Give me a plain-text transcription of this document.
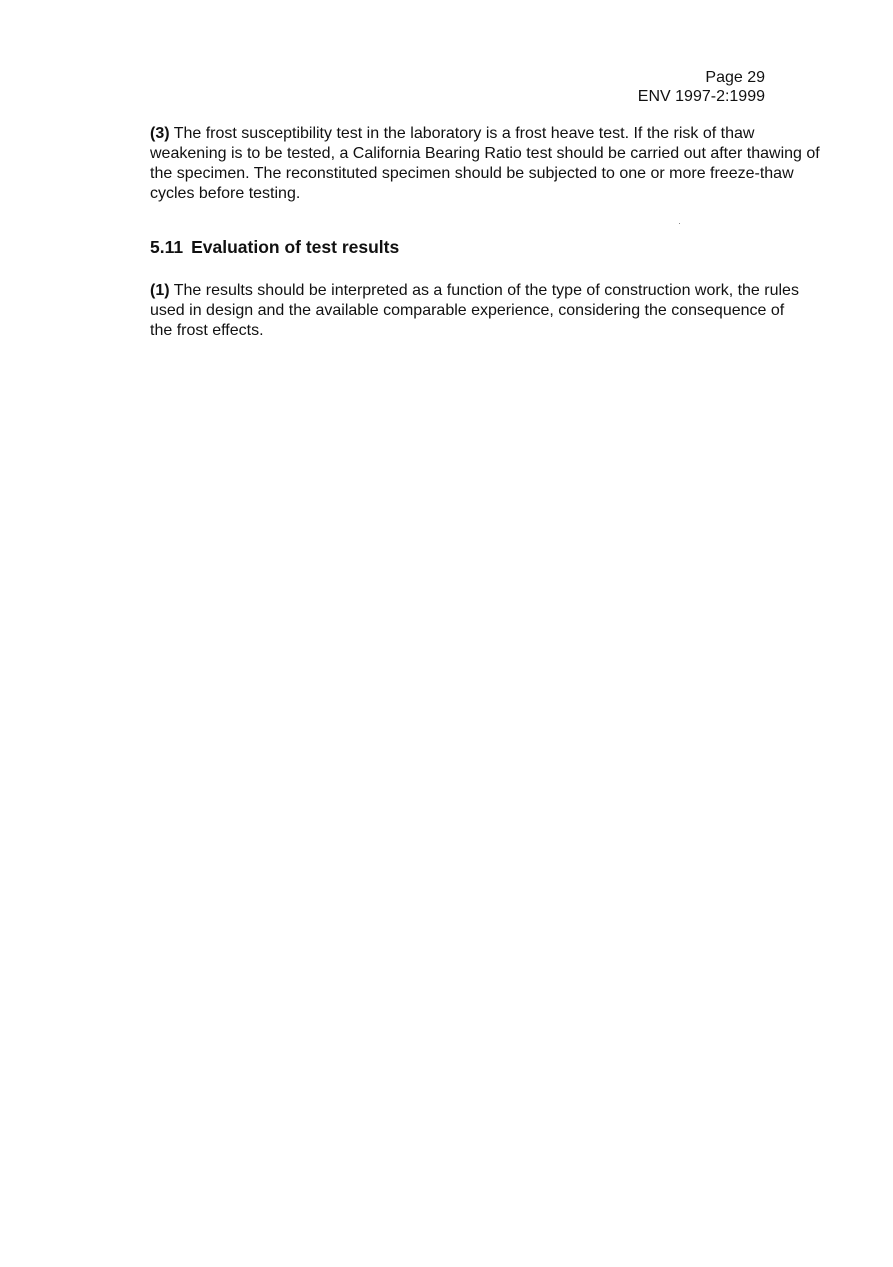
Page 29
ENV 1997-2:1999

(3) The frost susceptibility test in the laboratory is a frost heave test. If the risk of thaw weakening is to be tested, a California Bearing Ratio test should be carried out after thawing of the specimen. The reconstituted specimen should be subjected to one or more freeze-thaw cycles before testing.

5.11 Evaluation of test results

(1) The results should be interpreted as a function of the type of construction work, the rules used in design and the available comparable experience, considering the consequence of the frost effects.
